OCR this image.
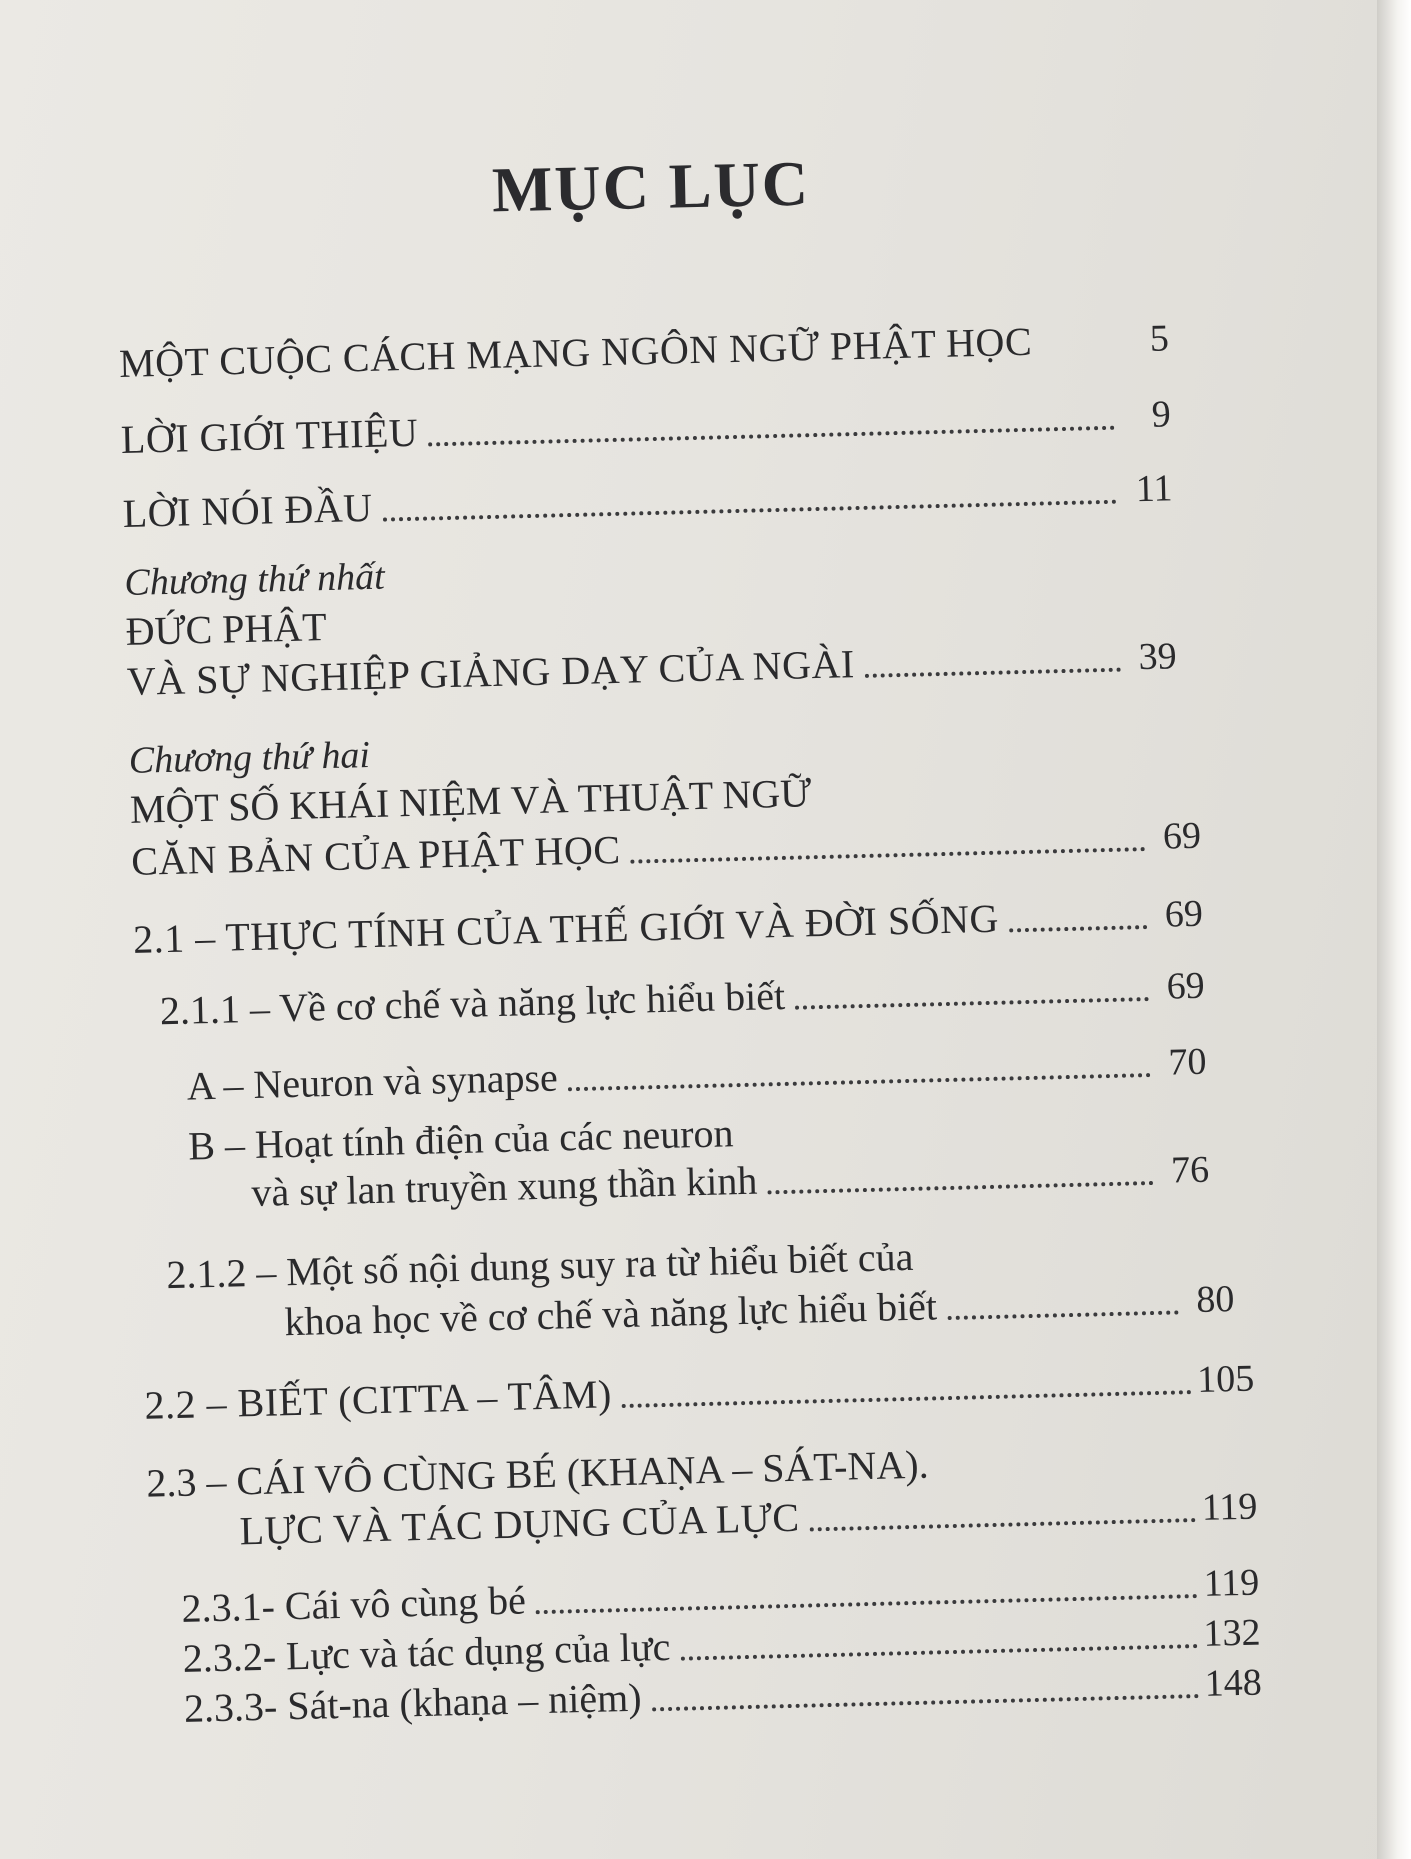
MỤC LỤC
MỘT CUỘC CÁCH MẠNG NGÔN NGỮ PHẬT HỌC	5
LỜI GIỚI THIỆU	9
LỜI NÓI ĐẦU	11
Chương thứ nhất
ĐỨC PHẬT
VÀ SỰ NGHIỆP GIẢNG DẠY CỦA NGÀI	39
Chương thứ hai
MỘT SỐ KHÁI NIỆM VÀ THUẬT NGỮ
CĂN BẢN CỦA PHẬT HỌC	69
2.1 – THỰC TÍNH CỦA THẾ GIỚI VÀ ĐỜI SỐNG	69
2.1.1 – Về cơ chế và năng lực hiểu biết	69
A – Neuron và synapse	70
B – Hoạt tính điện của các neuron
và sự lan truyền xung thần kinh	76
2.1.2 – Một số nội dung suy ra từ hiểu biết của
khoa học về cơ chế và năng lực hiểu biết	80
2.2 – BIẾT (CITTA – TÂM)	105
2.3 – CÁI VÔ CÙNG BÉ (KHAṆA – SÁT-NA).
LỰC VÀ TÁC DỤNG CỦA LỰC	119
2.3.1- Cái vô cùng bé	119
2.3.2- Lực và tác dụng của lực	132
2.3.3- Sát-na (khaṇa – niệm)	148
